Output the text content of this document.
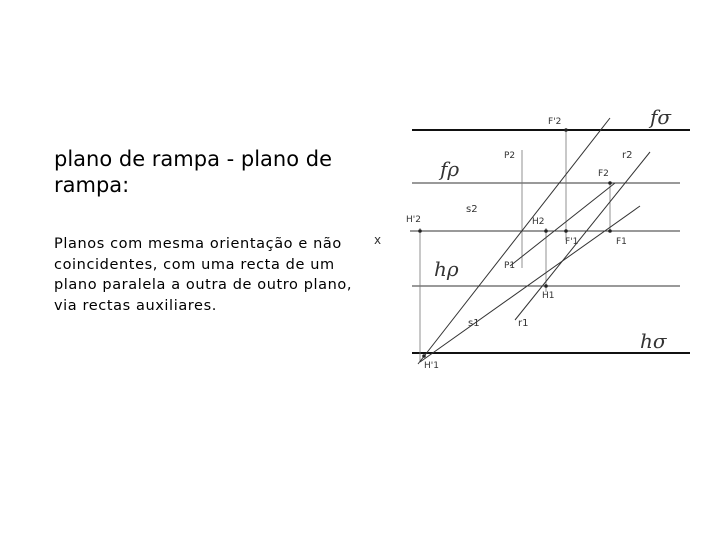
plano de rampa - plano de rampa:
Planos com mesma orientação e não coincidentes, com uma recta de um plano paralela a outra de outro plano, via rectas auxiliares.
x
F'2	fσ
P2	r2
fρ	F2
s2
H'2	H2
F'1	F1
hρ	P1
H1
s1	r1
hσ
H'1
